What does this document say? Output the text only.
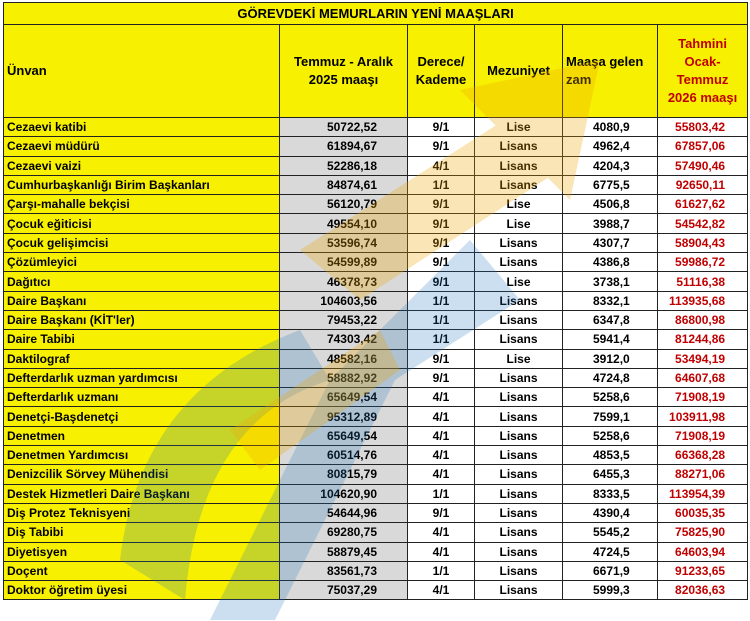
GÖREVDEKİ MEMURLARIN YENİ MAAŞLARI					
Ünvan	Temmuz - Aralık 2025 maaşı	Derece/ Kademe	Mezuniyet	Maaşa gelen zam	Tahmini Ocak-Temmuz 2026 maaşı
Cezaevi katibi	50722,52	9/1	Lise	4080,9	55803,42
Cezaevi müdürü	61894,67	9/1	Lisans	4962,4	67857,06
Cezaevi vaizi	52286,18	4/1	Lisans	4204,3	57490,46
Cumhurbaşkanlığı Birim Başkanları	84874,61	1/1	Lisans	6775,5	92650,11
Çarşı-mahalle bekçisi	56120,79	9/1	Lise	4506,8	61627,62
Çocuk eğiticisi	49554,10	9/1	Lise	3988,7	54542,82
Çocuk gelişimcisi	53596,74	9/1	Lisans	4307,7	58904,43
Çözümleyici	54599,89	9/1	Lisans	4386,8	59986,72
Dağıtıcı	46378,73	9/1	Lise	3738,1	51116,38
Daire Başkanı	104603,56	1/1	Lisans	8332,1	113935,68
Daire Başkanı (KİT'ler)	79453,22	1/1	Lisans	6347,8	86800,98
Daire Tabibi	74303,42	1/1	Lisans	5941,4	81244,86
Daktilograf	48582,16	9/1	Lise	3912,0	53494,19
Defterdarlık uzman yardımcısı	58882,92	9/1	Lisans	4724,8	64607,68
Defterdarlık uzmanı	65649,54	4/1	Lisans	5258,6	71908,19
Denetçi-Başdenetçi	95312,89	4/1	Lisans	7599,1	103911,98
Denetmen	65649,54	4/1	Lisans	5258,6	71908,19
Denetmen Yardımcısı	60514,76	4/1	Lisans	4853,5	66368,28
Denizcilik Sörvey Mühendisi	80815,79	4/1	Lisans	6455,3	88271,06
Destek Hizmetleri Daire Başkanı	104620,90	1/1	Lisans	8333,5	113954,39
Diş Protez Teknisyeni	54644,96	9/1	Lisans	4390,4	60035,35
Diş Tabibi	69280,75	4/1	Lisans	5545,2	75825,90
Diyetisyen	58879,45	4/1	Lisans	4724,5	64603,94
Doçent	83561,73	1/1	Lisans	6671,9	91233,65
Doktor öğretim üyesi	75037,29	4/1	Lisans	5999,3	82036,63
